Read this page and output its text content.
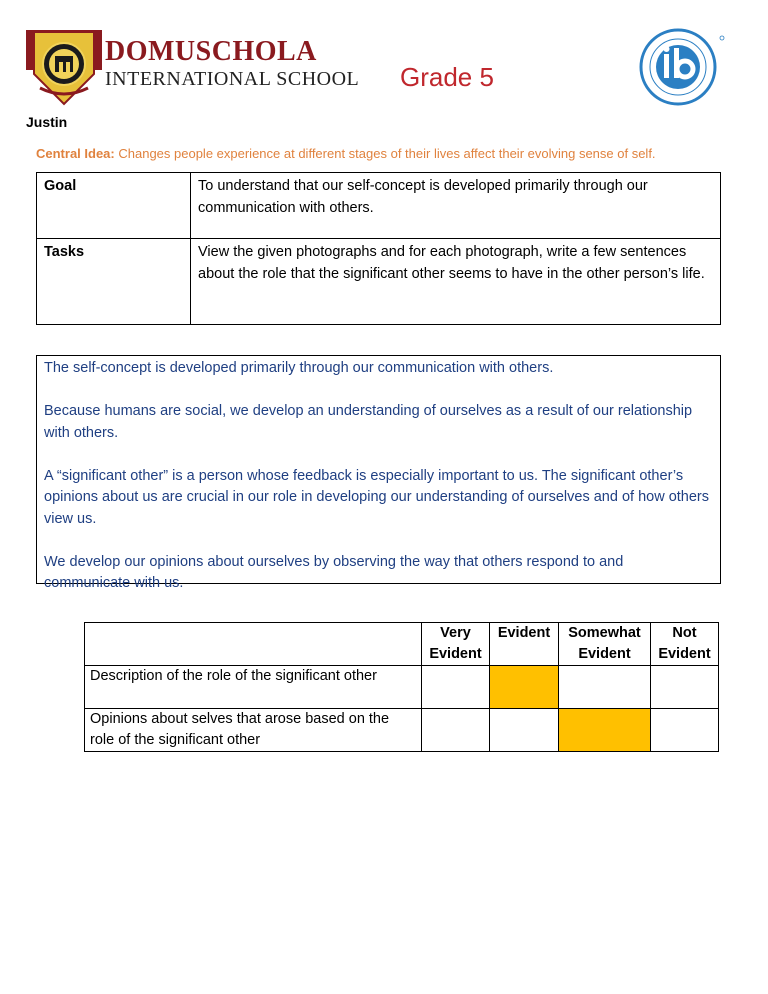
DOMUSCHOLA
INTERNATIONAL SCHOOL Grade 5
Justin
Central Idea: Changes people experience at different stages of their lives affect their evolving sense of self.
Goal	To understand that our self-concept is developed primarily through our communication with others.
Tasks	View the given photographs and for each photograph, write a few sentences about the role that the significant other seems to have in the other person’s life.

The self-concept is developed primarily through our communication with others.

Because humans are social, we develop an understanding of ourselves as a result of our relationship with others.

A “significant other” is a person whose feedback is especially important to us. The significant other’s opinions about us are crucial in our role in developing our understanding of ourselves and of how others view us.

We develop our opinions about ourselves by observing the way that others respond to and communicate with us.

	Very Evident	Evident	Somewhat Evident	Not Evident
Description of the role of the significant other				
Opinions about selves that arose based on the role of the significant other				
